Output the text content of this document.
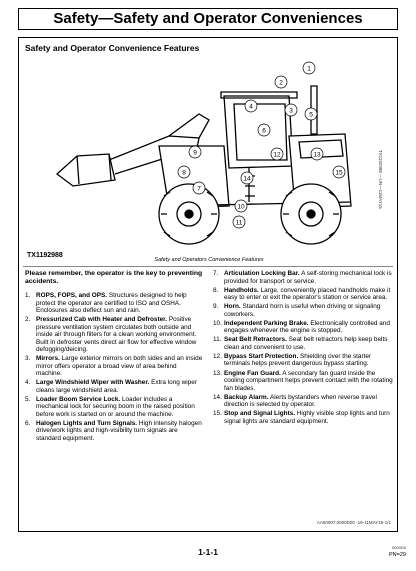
Safety—Safety and Operator Conveniences
Safety and Operator Convenience Features
1
2
3
4
5
6
13
12
9
8
7
14
10
11
15	TX1192988 —UN—11MAY15
TX1192988
Safety and Operators Convenience Features
Please remember, the operator is the key to preventing accidents.
1. ROPS, FOPS, and OPS. Structures designed to help protect the operator are certified to ISO and OSHA. Enclosures also deflect sun and rain.
2. Pressurized Cab with Heater and Defroster. Positive pressure ventilation system circulates both outside and inside air through filters for a clean working environment. Built in defroster vents direct air flow for effective window defogging/deicing.
3. Mirrors. Large exterior mirrors on both sides and an inside mirror offers operator a broad view of area behind machine.
4. Large Windshield Wiper with Washer. Extra long wiper cleans large windshield area.
5. Loader Boom Service Lock. Loader includes a mechanical lock for securing boom in the raised position before work is started on or around the machine.
6. Halogen Lights and Turn Signals. High intensity halogen drive/work lights and high-visibility turn signals are standard equipment.
7. Articulation Locking Bar. A self-storing mechanical lock is provided for transport or service.
8. Handholds. Large, conveniently placed handholds make it easy to enter or exit the operator's station or service area.
9. Horn. Standard horn is useful when driving or signaling coworkers.
10. Independent Parking Brake. Electronically controlled and engages whenever the engine is stopped.
11. Seat Belt Retractors. Seat belt retractors help keep belts clean and convenient to use.
12. Bypass Start Protection. Shielding over the starter terminals helps prevent dangerous bypass starting.
13. Engine Fan Guard. A secondary fan guard inside the cooling compartment helps prevent contact with the rotating fan blades.
14. Backup Alarm. Alerts bystanders when reverse travel direction is selected by operator.
15. Stop and Signal Lights. Highly visible stop lights and turn signal lights are standard equipment.
AA60007,0000D00 -19-11MAY15-1/1
1-1-1	0000D0
PN=29
